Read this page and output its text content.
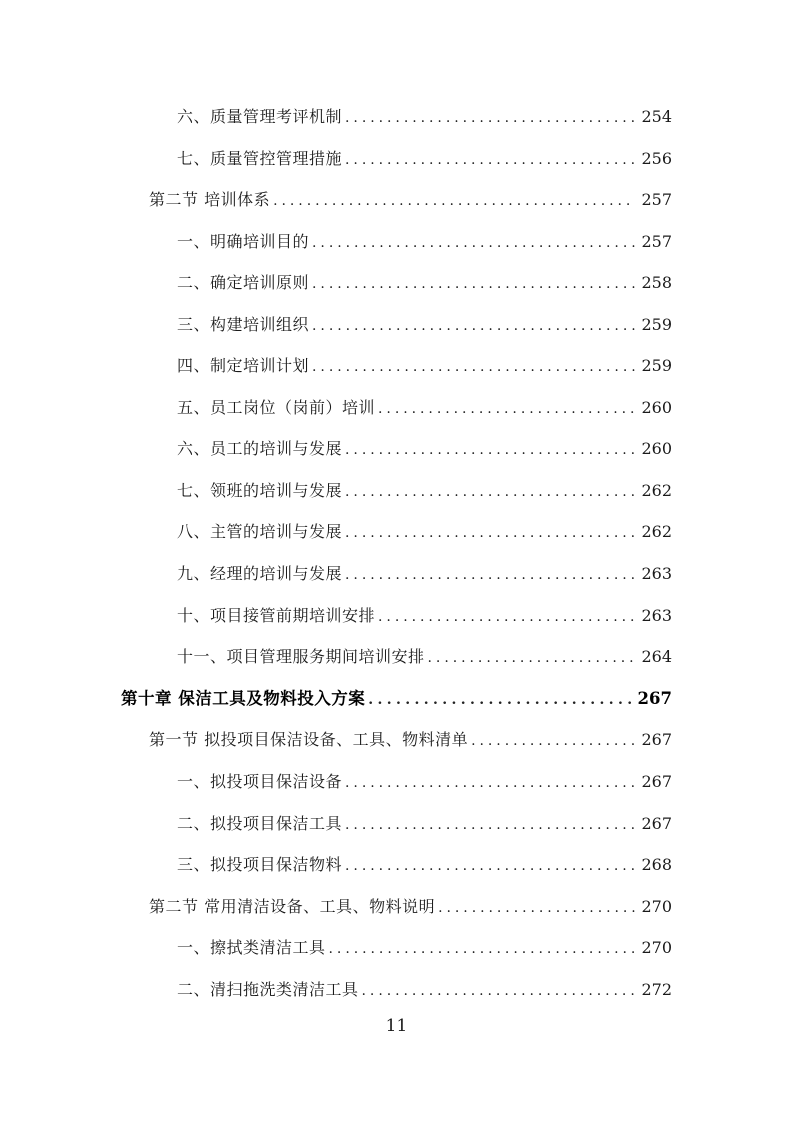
六、质量管理考评机制 . . .	254
七、质量管控管理措施 . . .	256
第二节 培训体系 . . .	257
一、明确培训目的 . . .	257
二、确定培训原则 . . .	258
三、构建培训组织 . . .	259
四、制定培训计划 . . .	259
五、员工岗位（岗前）培训 . . .	260
六、员工的培训与发展 . . .	260
七、领班的培训与发展 . . .	262
八、主管的培训与发展 . . .	262
九、经理的培训与发展 . . .	263
十、项目接管前期培训安排 . . .	263
十一、项目管理服务期间培训安排 . . .	264
第十章 保洁工具及物料投入方案 . . .	267
第一节 拟投项目保洁设备、工具、物料清单 . . .	267
一、拟投项目保洁设备 . . .	267
二、拟投项目保洁工具 . . .	267
三、拟投项目保洁物料 . . .	268
第二节 常用清洁设备、工具、物料说明 . . .	270
一、擦拭类清洁工具 . . .	270
二、清扫拖洗类清洁工具 . . .	272
11
